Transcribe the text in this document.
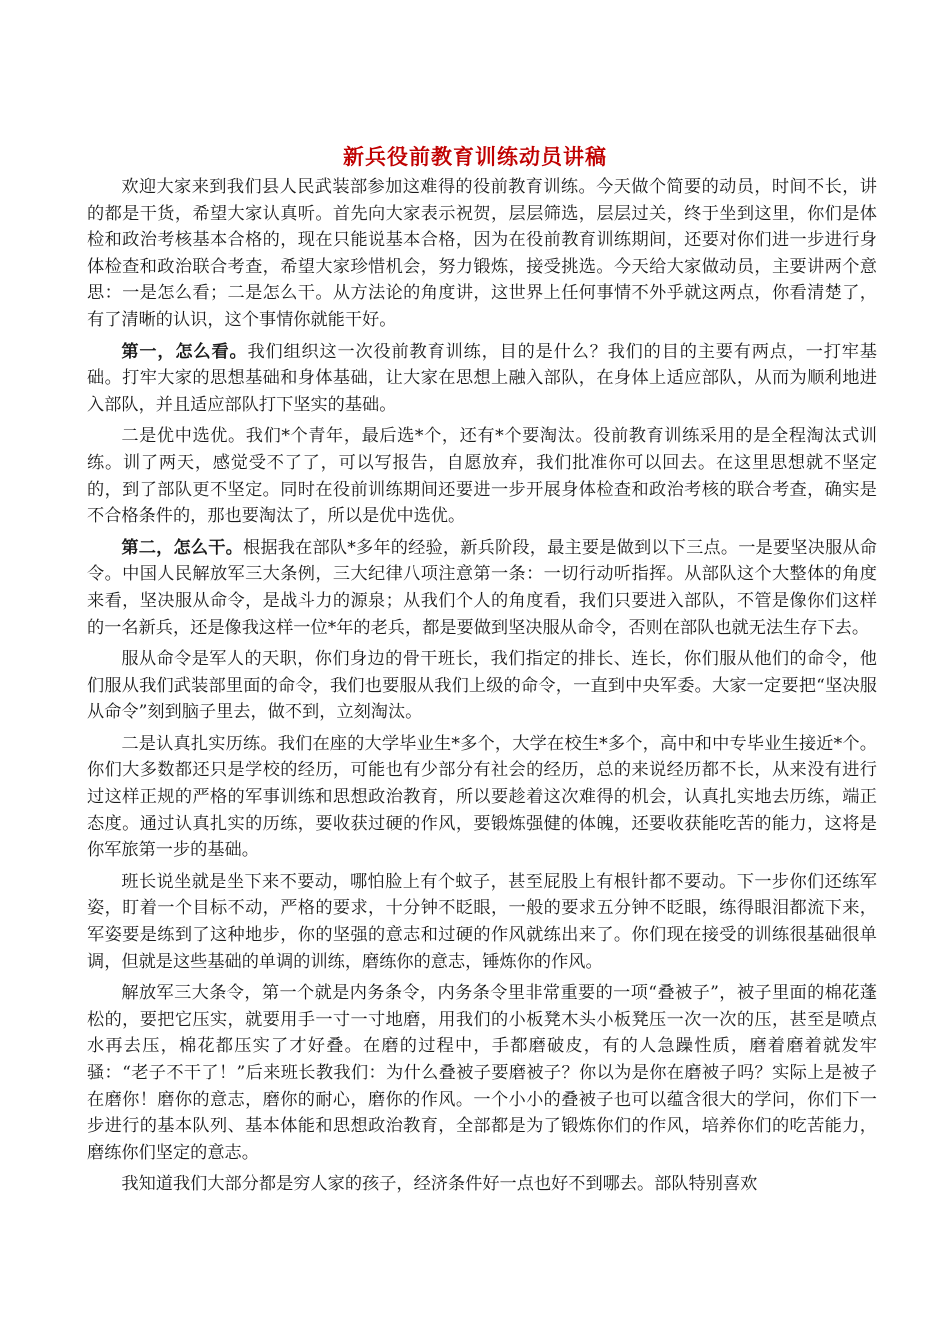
新兵役前教育训练动员讲稿

欢迎大家来到我们县人民武装部参加这难得的役前教育训练。今天做个简要的动员，时间不长，讲的都是干货，希望大家认真听。首先向大家表示祝贺，层层筛选，层层过关，终于坐到这里，你们是体检和政治考核基本合格的，现在只能说基本合格，因为在役前教育训练期间，还要对你们进一步进行身体检查和政治联合考查，希望大家珍惜机会，努力锻炼，接受挑选。今天给大家做动员，主要讲两个意思：一是怎么看；二是怎么干。从方法论的角度讲，这世界上任何事情不外乎就这两点，你看清楚了，有了清晰的认识，这个事情你就能干好。

第一，怎么看。我们组织这一次役前教育训练，目的是什么？我们的目的主要有两点，一打牢基础。打牢大家的思想基础和身体基础，让大家在思想上融入部队，在身体上适应部队，从而为顺利地进入部队，并且适应部队打下坚实的基础。

二是优中选优。我们*个青年，最后选*个，还有*个要淘汰。役前教育训练采用的是全程淘汰式训练。训了两天，感觉受不了了，可以写报告，自愿放弃，我们批准你可以回去。在这里思想就不坚定的，到了部队更不坚定。同时在役前训练期间还要进一步开展身体检查和政治考核的联合考查，确实是不合格条件的，那也要淘汰了，所以是优中选优。

第二，怎么干。根据我在部队*多年的经验，新兵阶段，最主要是做到以下三点。一是要坚决服从命令。中国人民解放军三大条例，三大纪律八项注意第一条：一切行动听指挥。从部队这个大整体的角度来看，坚决服从命令，是战斗力的源泉；从我们个人的角度看，我们只要进入部队，不管是像你们这样的一名新兵，还是像我这样一位*年的老兵，都是要做到坚决服从命令，否则在部队也就无法生存下去。

服从命令是军人的天职，你们身边的骨干班长，我们指定的排长、连长，你们服从他们的命令，他们服从我们武装部里面的命令，我们也要服从我们上级的命令，一直到中央军委。大家一定要把“坚决服从命令”刻到脑子里去，做不到，立刻淘汰。

二是认真扎实历练。我们在座的大学毕业生*多个，大学在校生*多个，高中和中专毕业生接近*个。你们大多数都还只是学校的经历，可能也有少部分有社会的经历，总的来说经历都不长，从来没有进行过这样正规的严格的军事训练和思想政治教育，所以要趁着这次难得的机会，认真扎实地去历练，端正态度。通过认真扎实的历练，要收获过硬的作风，要锻炼强健的体魄，还要收获能吃苦的能力，这将是你军旅第一步的基础。

班长说坐就是坐下来不要动，哪怕脸上有个蚊子，甚至屁股上有根针都不要动。下一步你们还练军姿，盯着一个目标不动，严格的要求，十分钟不眨眼，一般的要求五分钟不眨眼，练得眼泪都流下来，军姿要是练到了这种地步，你的坚强的意志和过硬的作风就练出来了。你们现在接受的训练很基础很单调，但就是这些基础的单调的训练，磨练你的意志，锤炼你的作风。

解放军三大条令，第一个就是内务条令，内务条令里非常重要的一项“叠被子”，被子里面的棉花蓬松的，要把它压实，就要用手一寸一寸地磨，用我们的小板凳木头小板凳压一次一次的压，甚至是喷点水再去压，棉花都压实了才好叠。在磨的过程中，手都磨破皮，有的人急躁性质，磨着磨着就发牢骚：“老子不干了！”后来班长教我们：为什么叠被子要磨被子？你以为是你在磨被子吗？实际上是被子在磨你！磨你的意志，磨你的耐心，磨你的作风。一个小小的叠被子也可以蕴含很大的学问，你们下一步进行的基本队列、基本体能和思想政治教育，全部都是为了锻炼你们的作风，培养你们的吃苦能力，磨练你们坚定的意志。

我知道我们大部分都是穷人家的孩子，经济条件好一点也好不到哪去。部队特别喜欢
